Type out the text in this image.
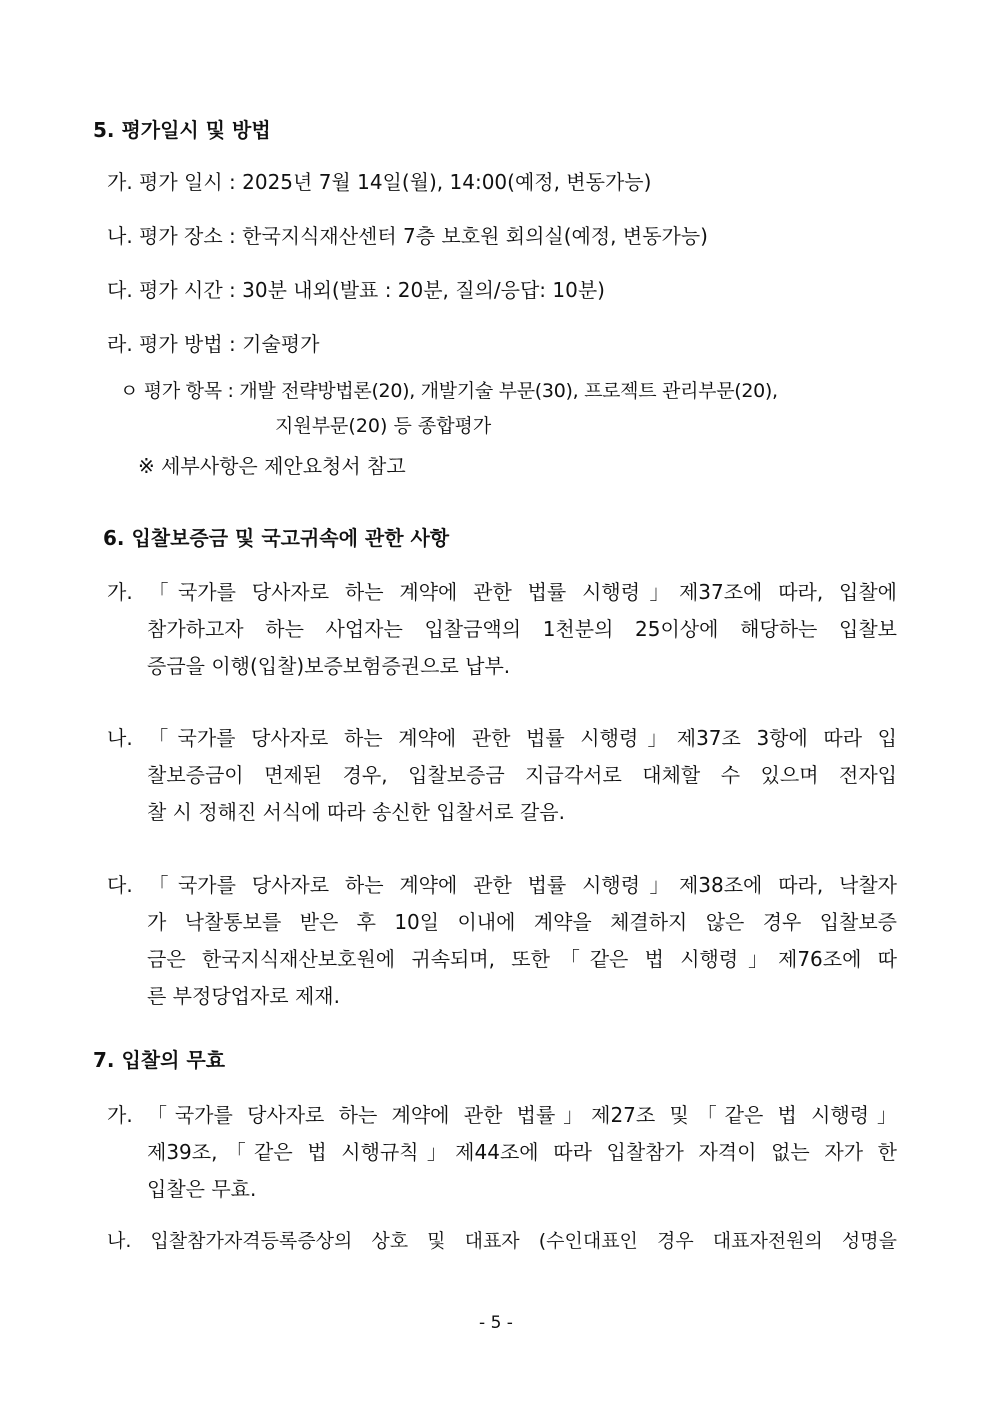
5. 평가일시 및 방법
가. 평가 일시 : 2025년 7월 14일(월), 14:00(예정, 변동가능)
나. 평가 장소 : 한국지식재산센터 7층 보호원 회의실(예정, 변동가능)
다. 평가 시간 : 30분 내외(발표 : 20분, 질의/응답: 10분)
라. 평가 방법 : 기술평가
ㅇ 평가 항목 : 개발 전략방법론(20), 개발기술 부문(30), 프로젝트 관리부문(20),
지원부문(20) 등 종합평가
※ 세부사항은 제안요청서 참고
6. 입찰보증금 및 국고귀속에 관한 사항
가. 「국가를 당사자로 하는 계약에 관한 법률 시행령」제37조에 따라, 입찰에
참가하고자 하는 사업자는 입찰금액의 1천분의 25이상에 해당하는 입찰보
증금을 이행(입찰)보증보험증권으로 납부.
나. 「국가를 당사자로 하는 계약에 관한 법률 시행령」제37조 3항에 따라 입
찰보증금이 면제된 경우, 입찰보증금 지급각서로 대체할 수 있으며 전자입
찰 시 정해진 서식에 따라 송신한 입찰서로 갈음.
다. 「국가를 당사자로 하는 계약에 관한 법률 시행령」제38조에 따라, 낙찰자
가 낙찰통보를 받은 후 10일 이내에 계약을 체결하지 않은 경우 입찰보증
금은 한국지식재산보호원에 귀속되며, 또한「같은 법 시행령」제76조에 따
른 부정당업자로 제재.
7. 입찰의 무효
가. 「국가를 당사자로 하는 계약에 관한 법률」제27조 및「같은 법 시행령」
제39조,「같은 법 시행규칙」제44조에 따라 입찰참가 자격이 없는 자가 한
입찰은 무효.
나. 입찰참가자격등록증상의 상호 및 대표자 (수인대표인 경우 대표자전원의 성명을
- 5 -
